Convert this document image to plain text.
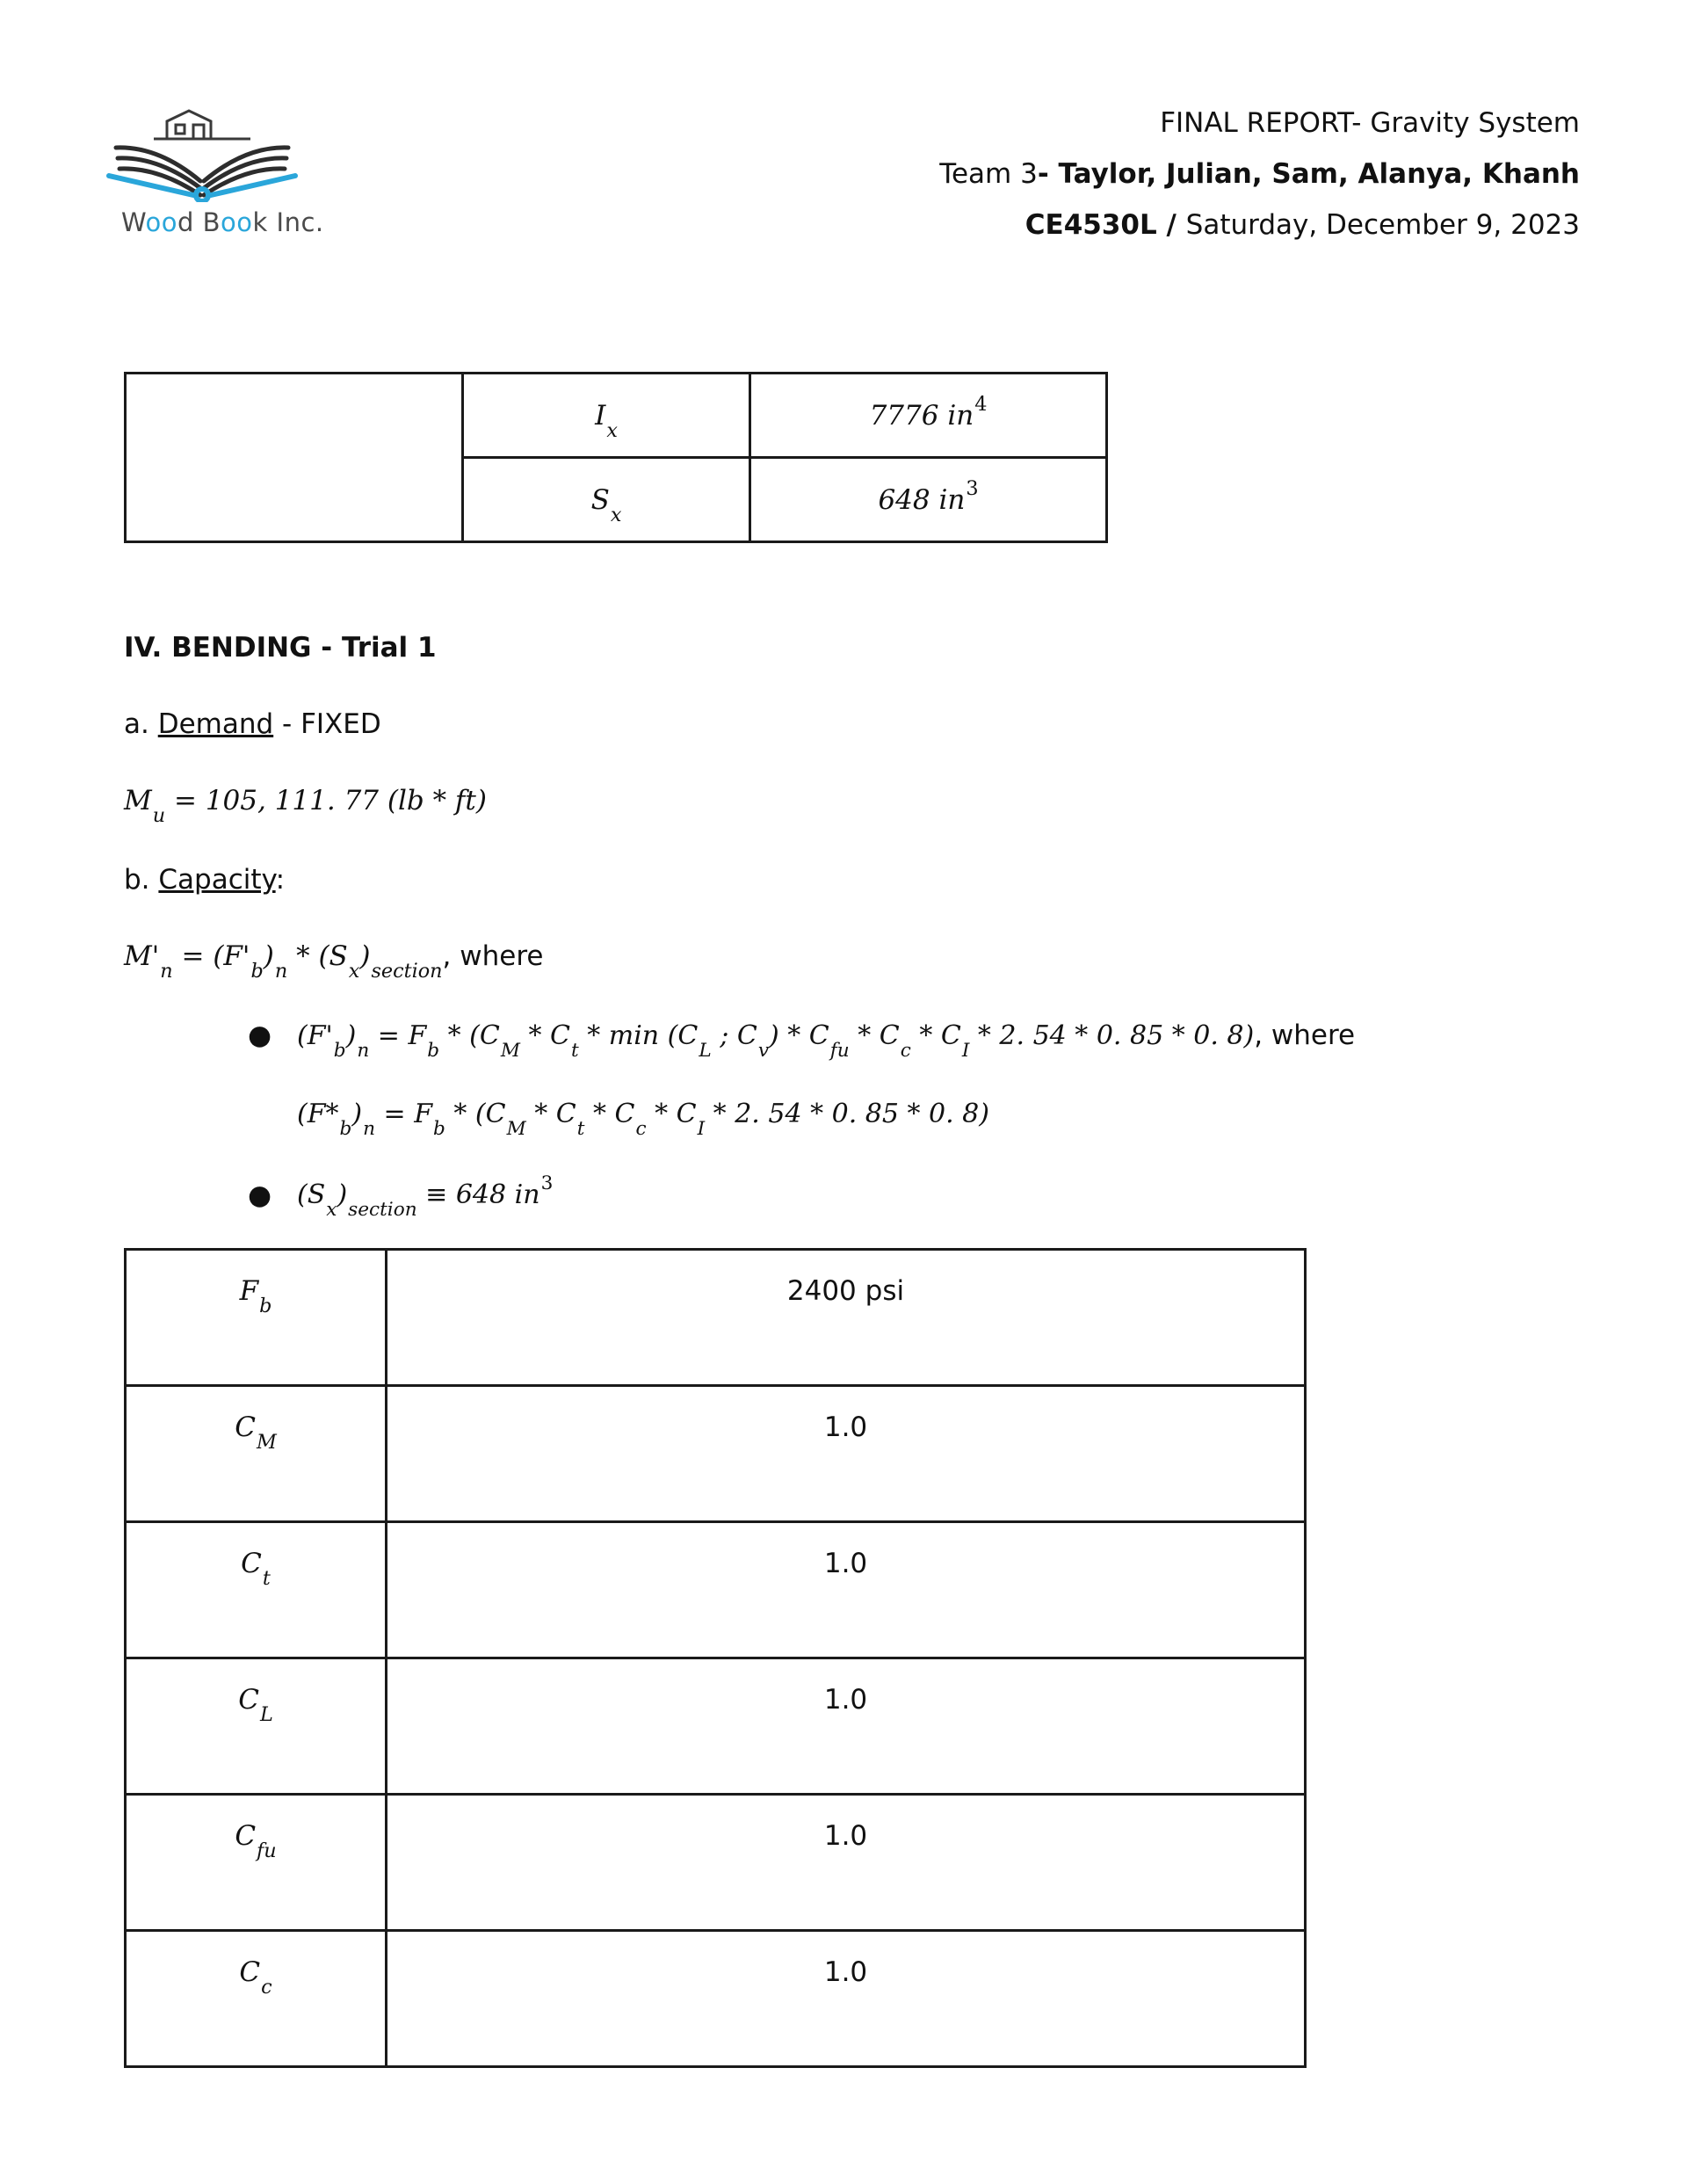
Wood Book Inc.
FINAL REPORT- Gravity System
Team 3- Taylor, Julian, Sam, Alanya, Khanh
CE4530L / Saturday, December 9, 2023
	$I_x$	7776 $in^4$
	$S_x$	648 $in^3$
IV. BENDING - Trial 1
a. Demand - FIXED
$M_u = 105$, 111. 77 (lb * ft)
b. Capacity:
$M'_n = (F'_b)_n * (S_x)_{section}$, where
● $(F'_b)_n = F_b * (C_M * C_t * \min (C_L$ ; $C_v) * C_{fu} * C_c * C_I * 2$. 54 * 0. 85 * 0. 8), where
$(F*_b)_n = F_b * (C_M * C_t * C_c * C_I * 2$. 54 * 0. 85 * 0. 8)
● $(S_x)_{section} \equiv 648$ $in^3$
$F_b$	2400 psi
$C_M$	1.0
$C_t$	1.0
$C_L$	1.0
$C_{fu}$	1.0
$C_c$	1.0
